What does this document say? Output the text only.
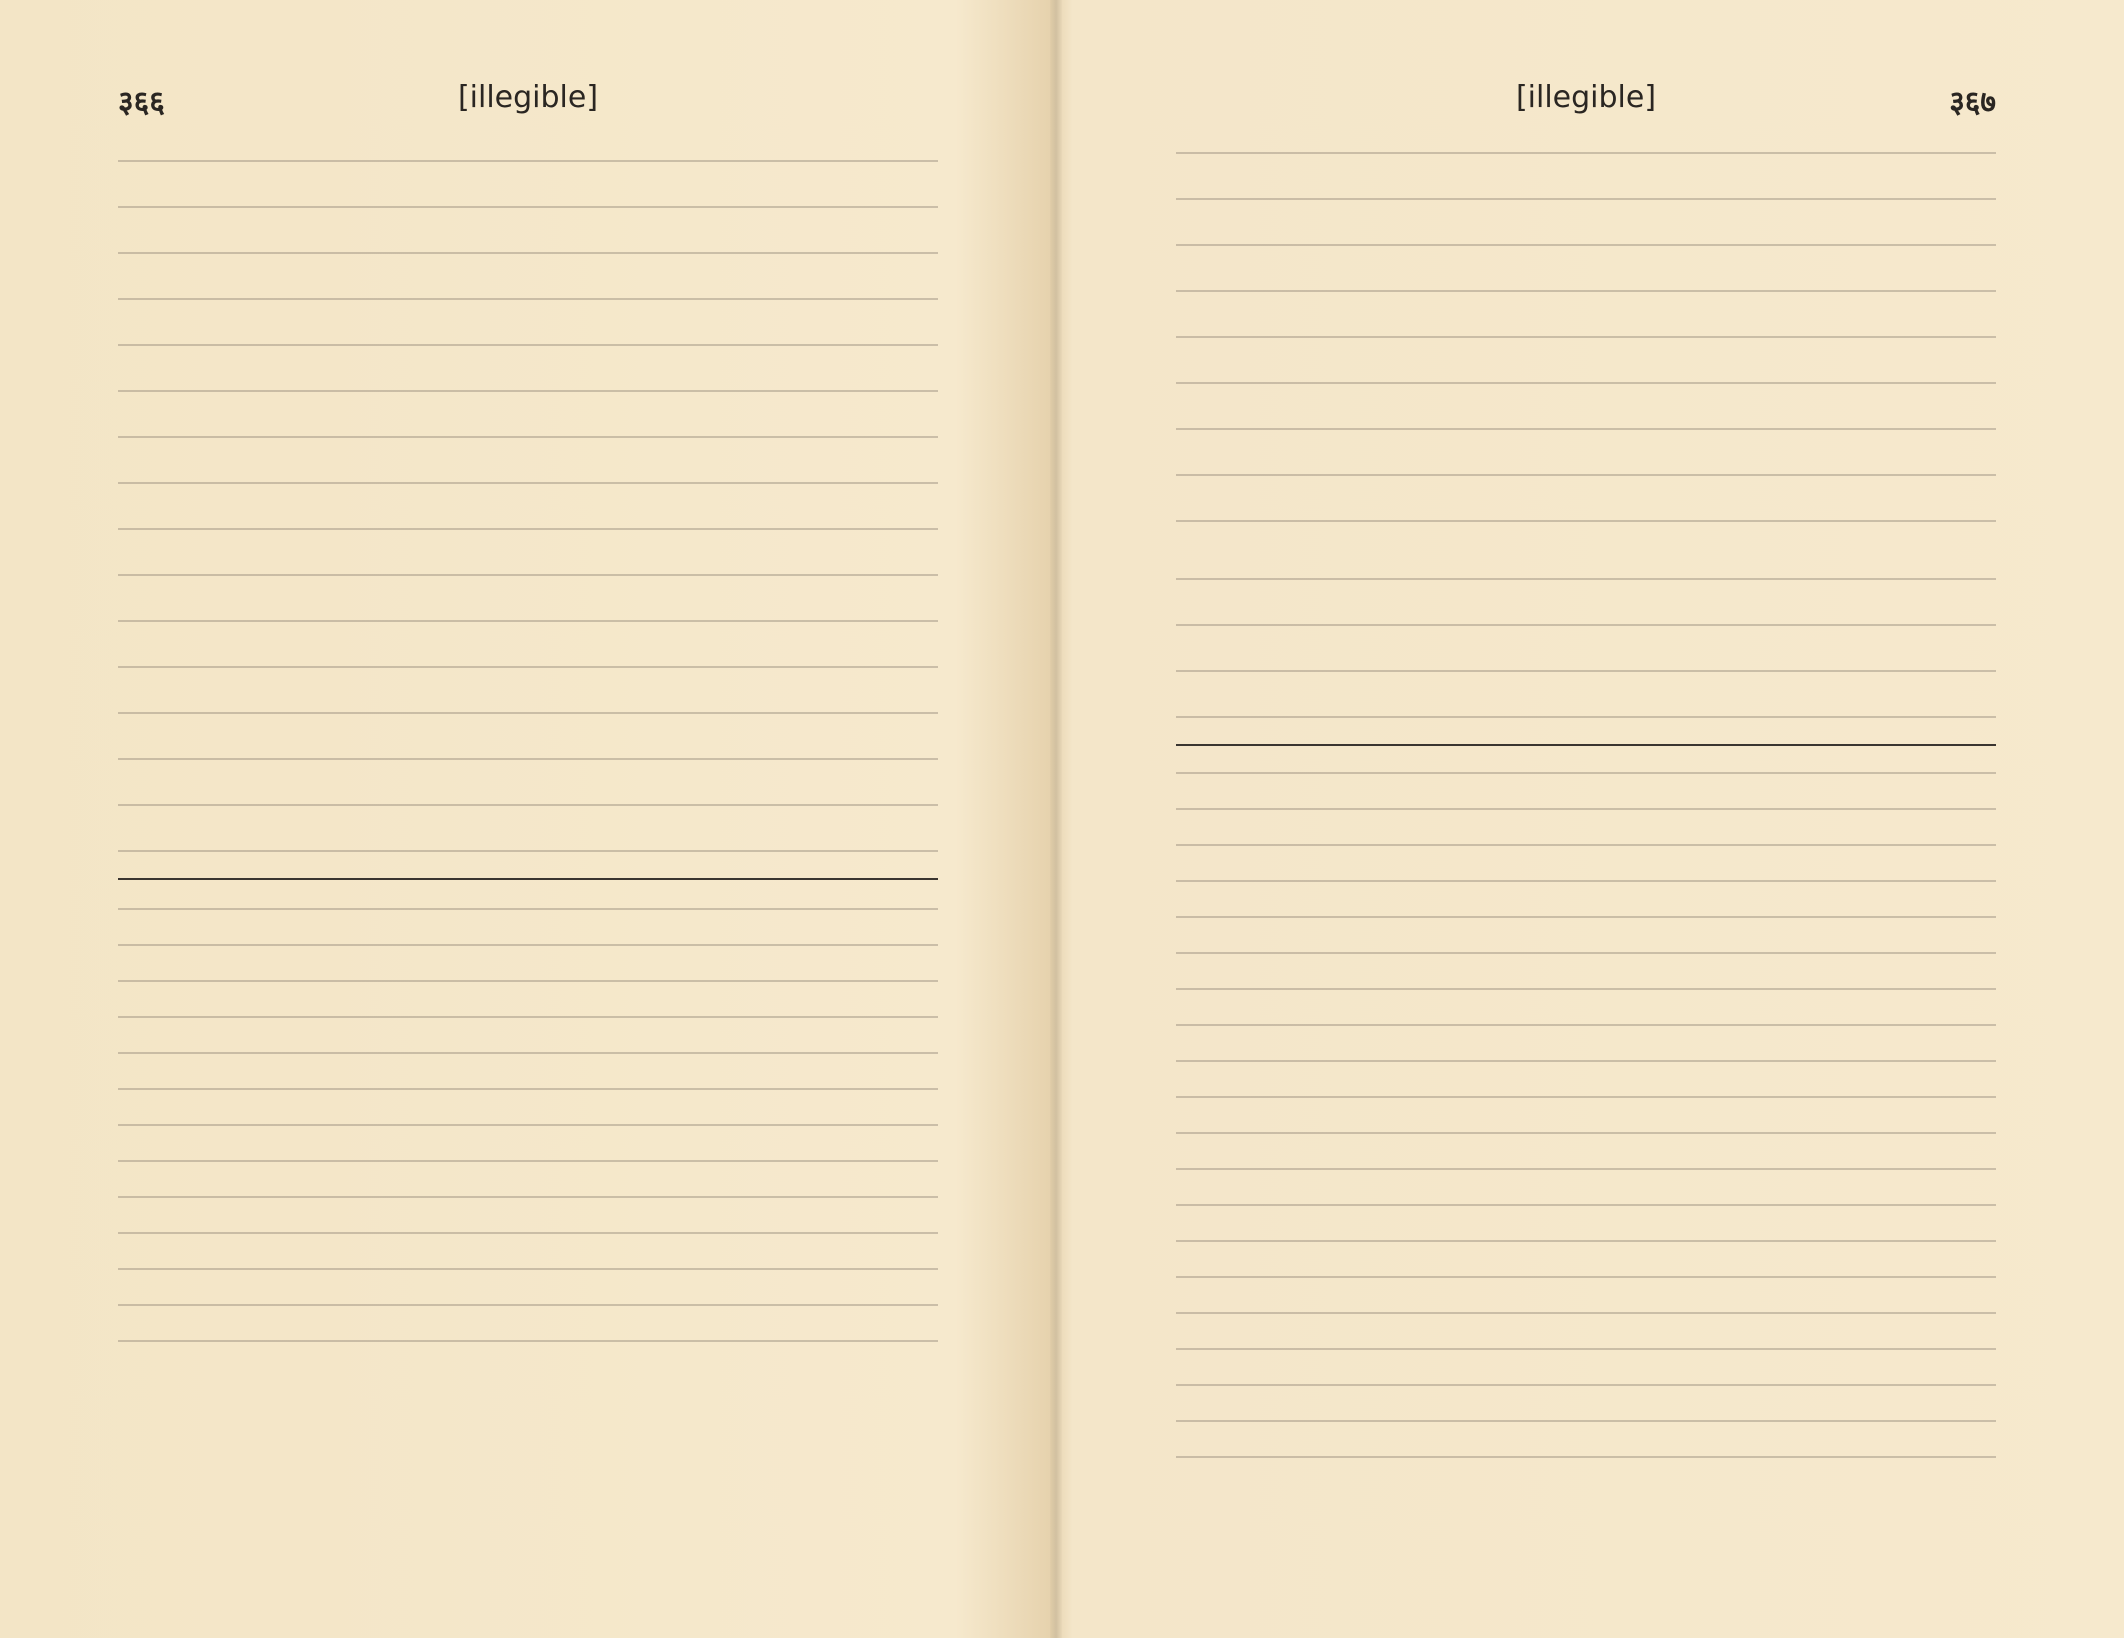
३६६	[illegible]	[illegible]	३६७
